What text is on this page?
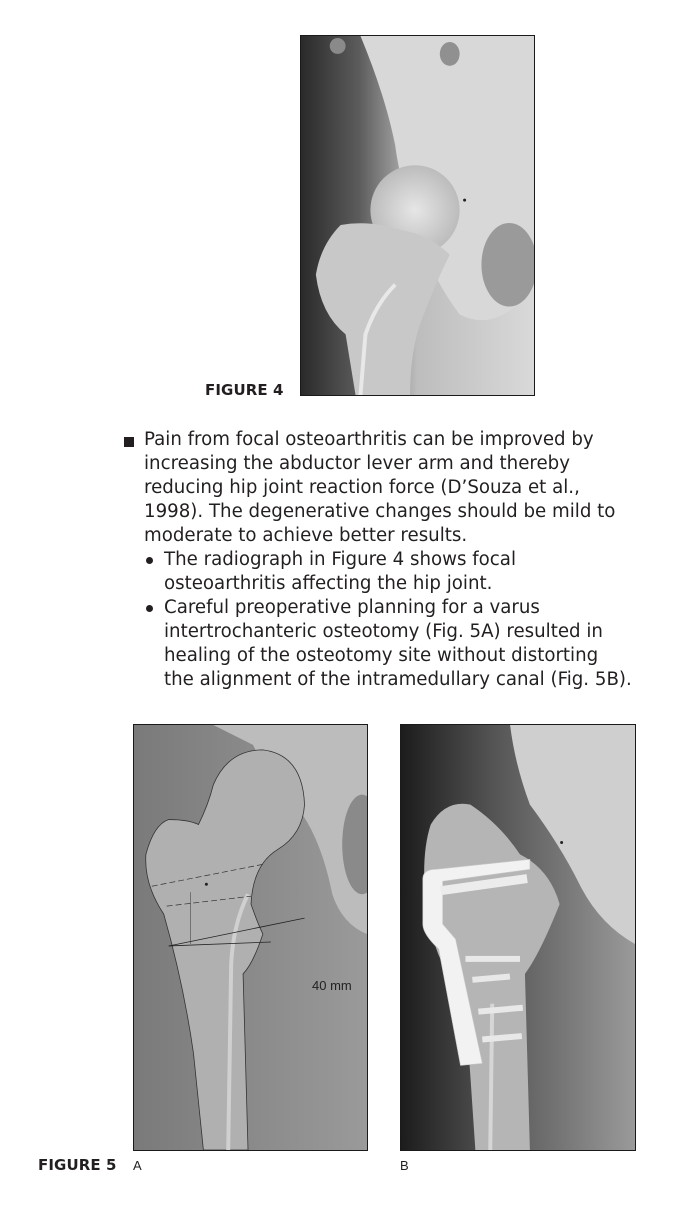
FIGURE 4
Pain from focal osteoarthritis can be improved by
increasing the abductor lever arm and thereby
reducing hip joint reaction force (D’Souza et al.,
1998). The degenerative changes should be mild to
moderate to achieve better results.
The radiograph in Figure 4 shows focal
osteoarthritis affecting the hip joint.
Careful preoperative planning for a varus
intertrochanteric osteotomy (Fig. 5A) resulted in
healing of the osteotomy site without distorting
the alignment of the intramedullary canal (Fig. 5B).
40 mm
FIGURE 5 A	B
